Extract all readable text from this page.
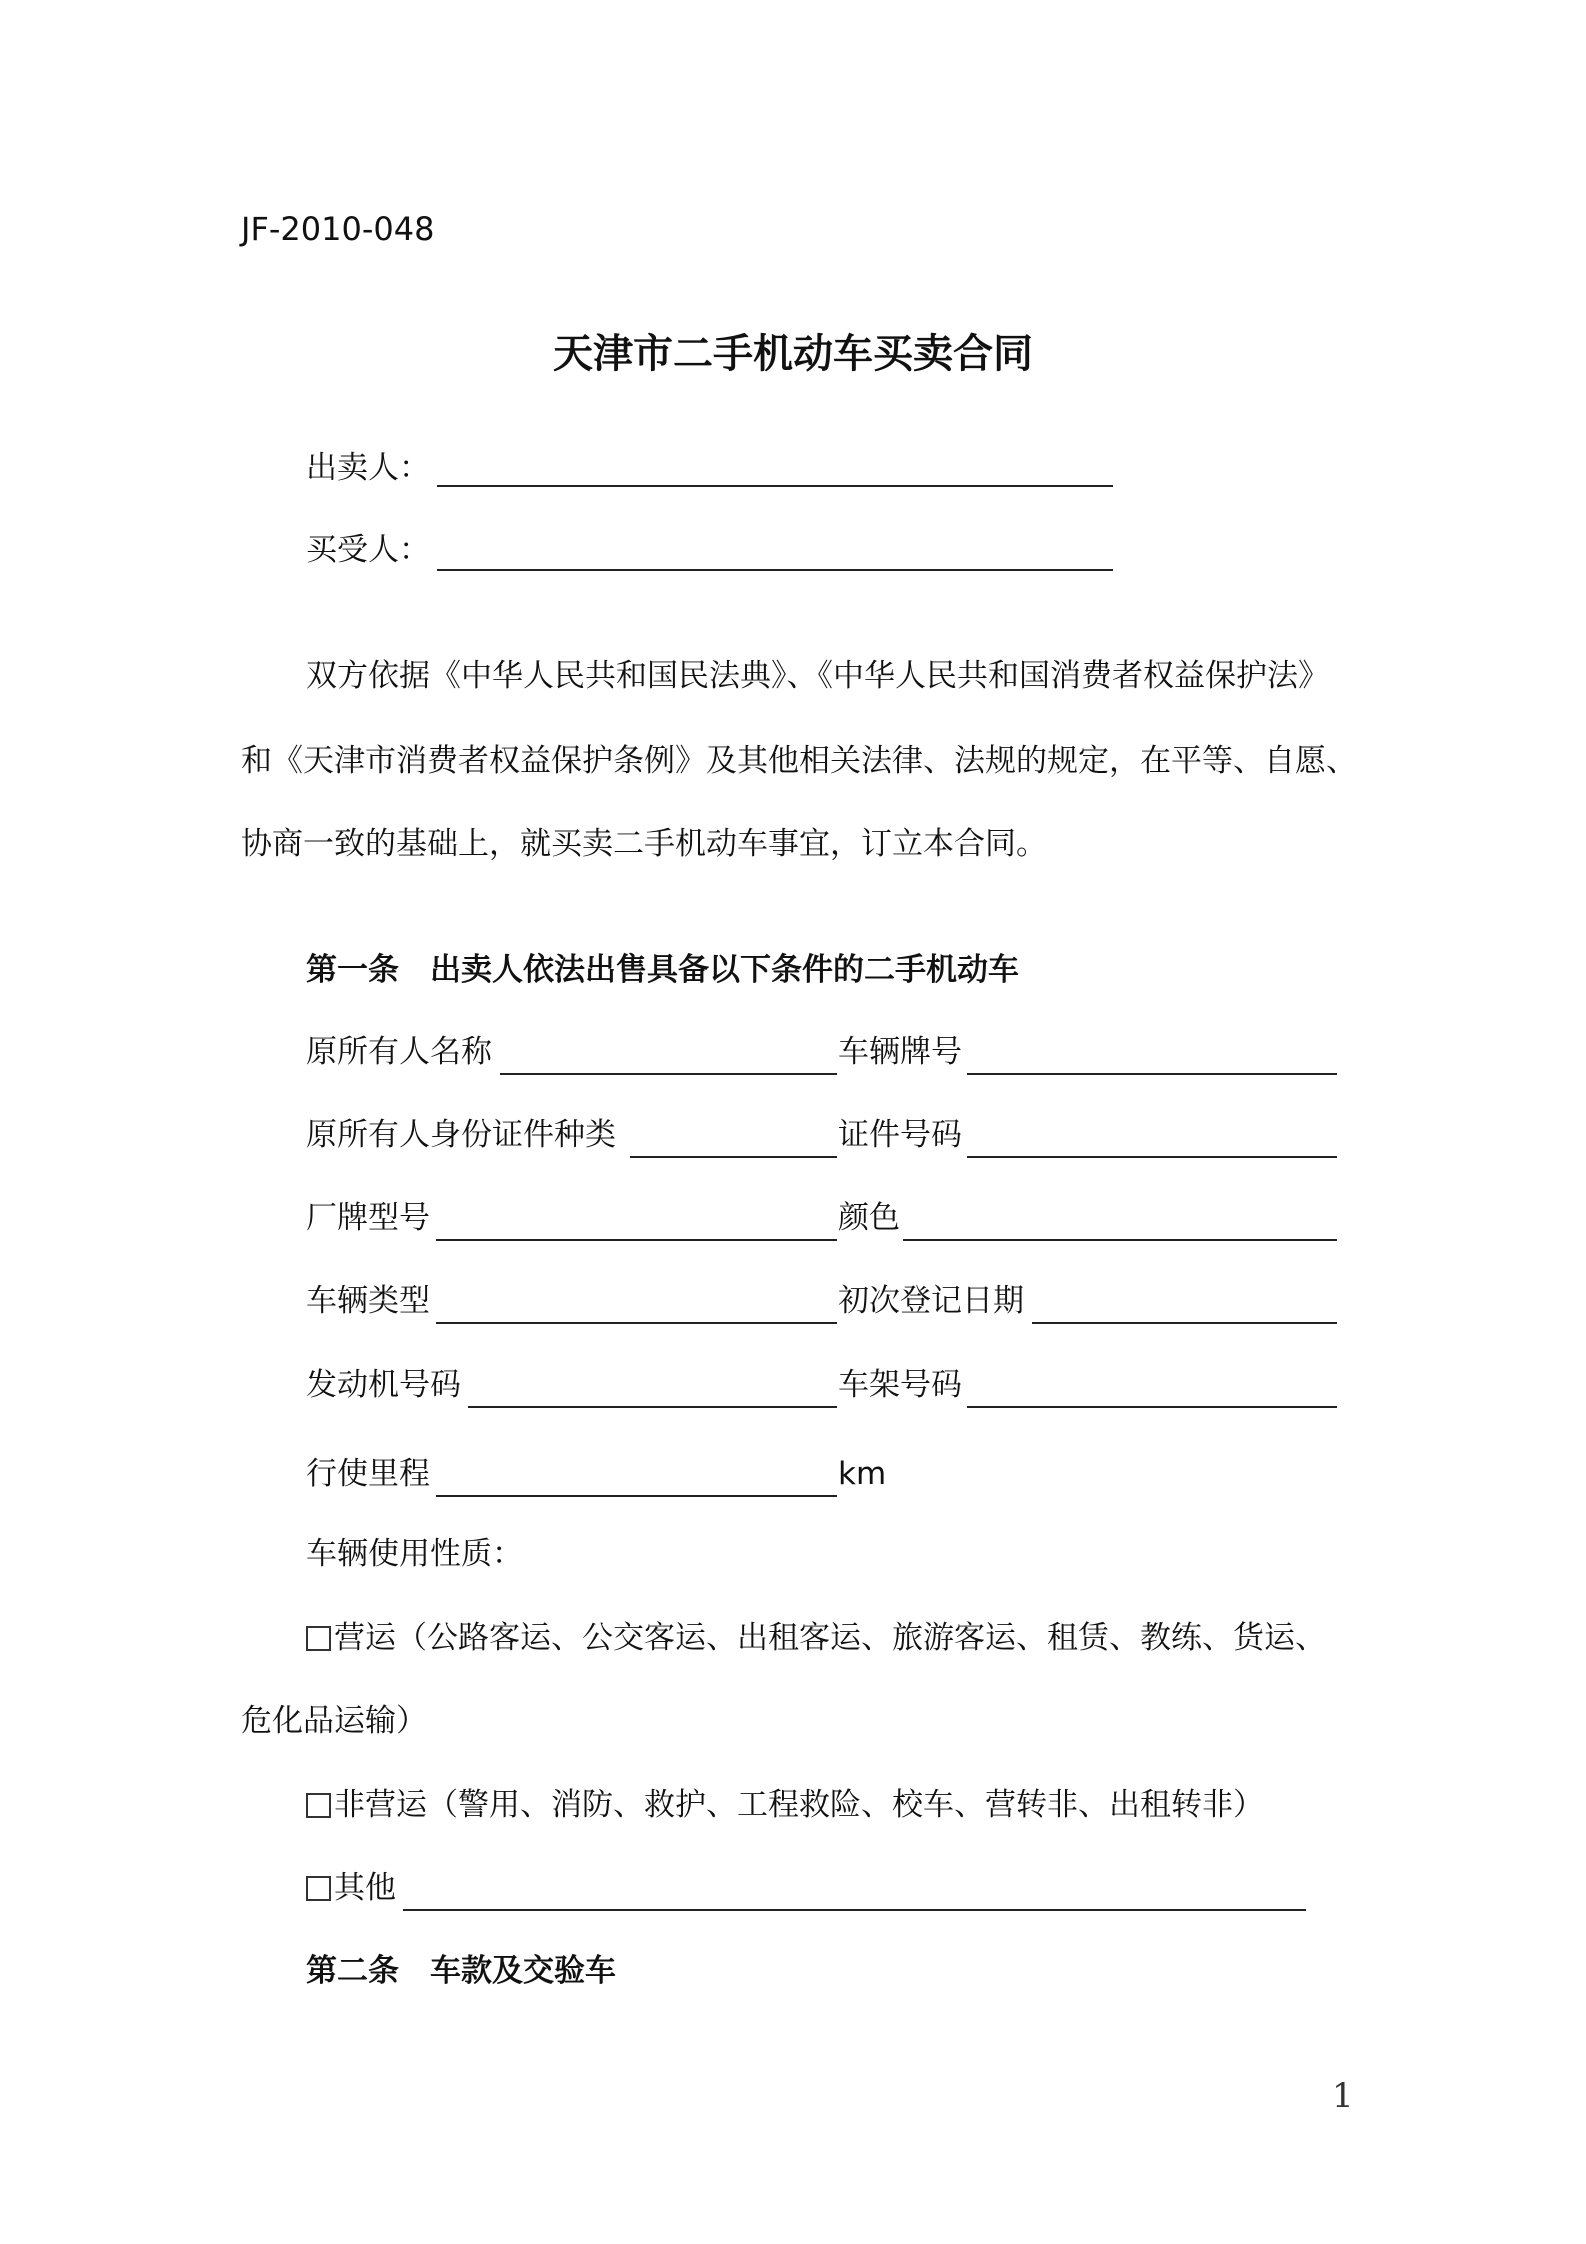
JF-2010-048
天津市二手机动车买卖合同
出卖人：
买受人：
双方依据《中华人民共和国民法典》、《中华人民共和国消费者权益保护法》
和《天津市消费者权益保护条例》及其他相关法律、法规的规定，在平等、自愿、
协商一致的基础上，就买卖二手机动车事宜，订立本合同。
第一条　出卖人依法出售具备以下条件的二手机动车
原所有人名称	车辆牌号
原所有人身份证件种类	证件号码
厂牌型号	颜色
车辆类型	初次登记日期
发动机号码	车架号码
行使里程	km
车辆使用性质：
营运（公路客运、公交客运、出租客运、旅游客运、租赁、教练、货运、
危化品运输）
非营运（警用、消防、救护、工程救险、校车、营转非、出租转非）
其他
第二条　车款及交验车
1
